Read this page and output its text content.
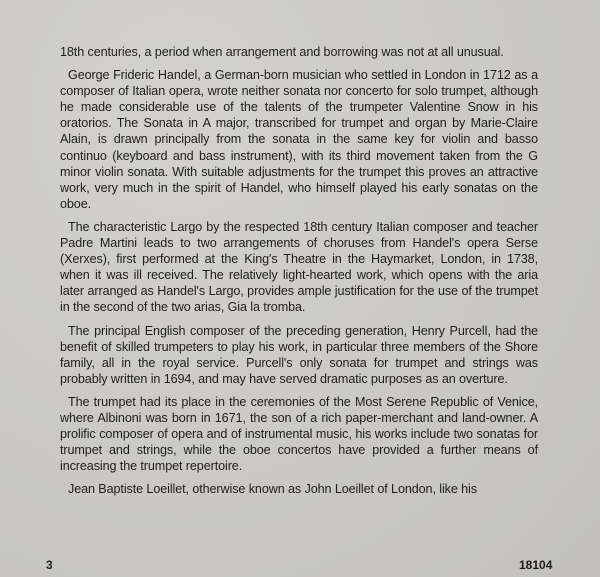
18th centuries, a period when arrangement and borrowing was not at all unusual.

George Frideric Handel, a German-born musician who settled in London in 1712 as a composer of Italian opera, wrote neither sonata nor concerto for solo trumpet, although he made considerable use of the talents of the trumpeter Valentine Snow in his oratorios. The Sonata in A major, transcribed for trumpet and organ by Marie-Claire Alain, is drawn principally from the sonata in the same key for violin and basso continuo (keyboard and bass instrument), with its third movement taken from the G minor violin sonata. With suitable adjustments for the trumpet this proves an attractive work, very much in the spirit of Handel, who himself played his early sonatas on the oboe.

The characteristic Largo by the respected 18th century Italian composer and teacher Padre Martini leads to two arrangements of choruses from Handel's opera Serse (Xerxes), first performed at the King's Theatre in the Haymarket, London, in 1738, when it was ill received. The relatively light-hearted work, which opens with the aria later arranged as Handel's Largo, provides ample justification for the use of the trumpet in the second of the two arias, Gia la tromba.

The principal English composer of the preceding generation, Henry Purcell, had the benefit of skilled trumpeters to play his work, in particular three members of the Shore family, all in the royal service. Purcell's only sonata for trumpet and strings was probably written in 1694, and may have served dramatic purposes as an overture.

The trumpet had its place in the ceremonies of the Most Serene Republic of Venice, where Albinoni was born in 1671, the son of a rich paper-merchant and land-owner. A prolific composer of opera and of instrumental music, his works include two sonatas for trumpet and strings, while the oboe concertos have provided a further means of increasing the trumpet repertoire.

Jean Baptiste Loeillet, otherwise known as John Loeillet of London, like his

3	18104
